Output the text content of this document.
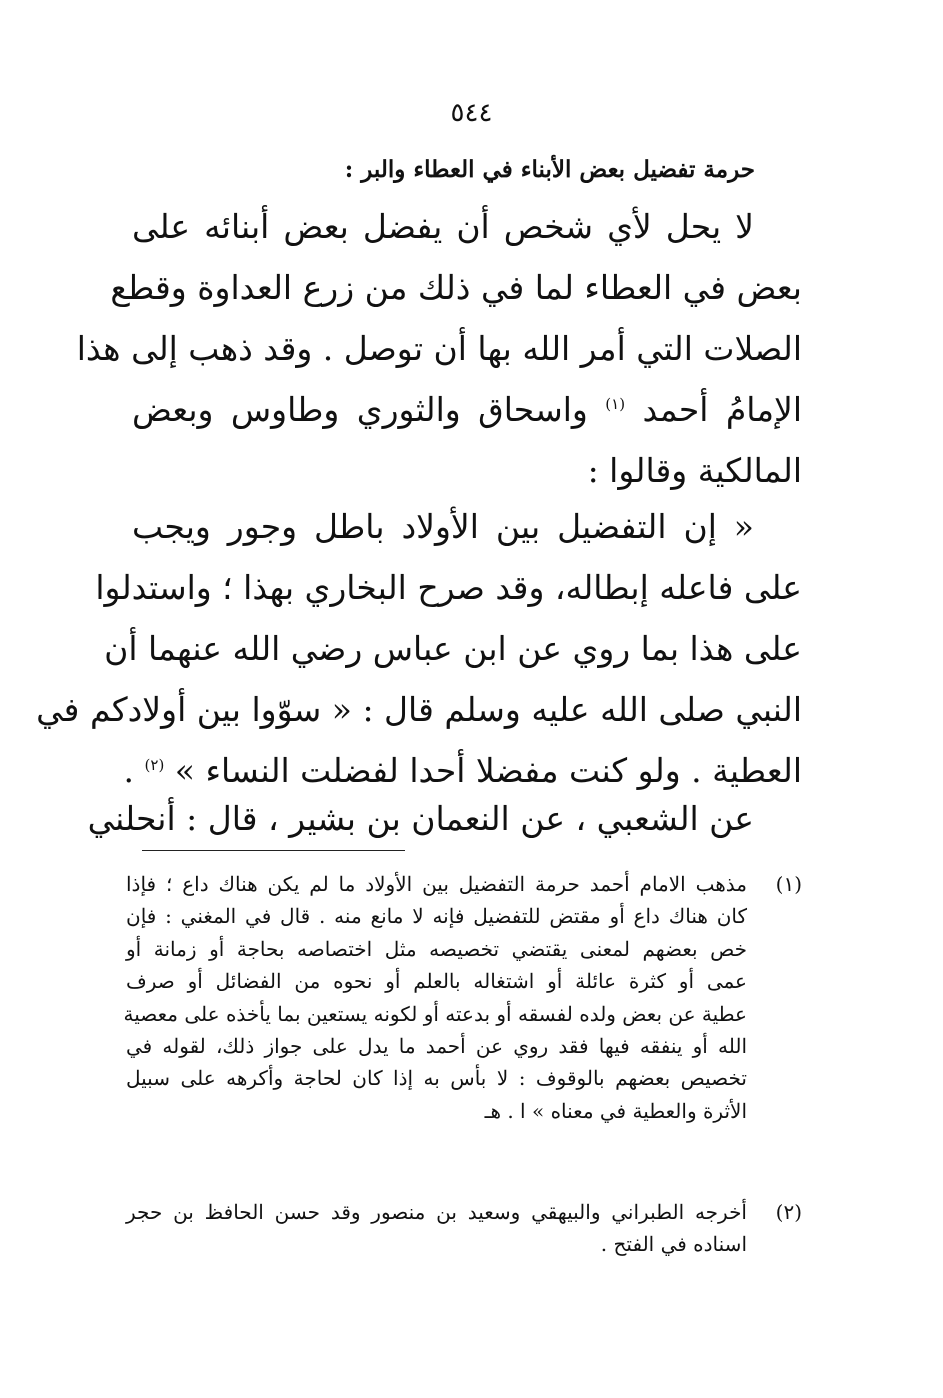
٥٤٤
حرمة تفضيل بعض الأبناء في العطاء والبر :
لا يحل لأي شخص أن يفضل بعض أبنائه على
بعض في العطاء لما في ذلك من زرع العداوة وقطع
الصلات التي أمر الله بها أن توصل . وقد ذهب إلى هذا
الإمامُ أحمد $^{(١)}$ واسحاق والثوري وطاوس وبعض
المالكية وقالوا :
« إن التفضيل بين الأولاد باطل وجور ويجب
على فاعله إبطاله، وقد صرح البخاري بهذا ؛ واستدلوا
على هذا بما روي عن ابن عباس رضي الله عنهما أن
النبي صلى الله عليه وسلم قال : « سوّوا بين أولادكم في
العطية . ولو كنت مفضلا أحدا لفضلت النساء » $^{(٢)}$ .
عن الشعبي ، عن النعمان بن بشير ، قال : أنحلني
(١)
مذهب الامام أحمد حرمة التفضيل بين الأولاد ما لم يكن هناك داع ؛ فإذا
كان هناك داع أو مقتض للتفضيل فإنه لا مانع منه . قال في المغني : فإن
خص بعضهم لمعنى يقتضي تخصيصه مثل اختصاصه بحاجة أو زمانة أو
عمى أو كثرة عائلة أو اشتغاله بالعلم أو نحوه من الفضائل أو صرف
عطية عن بعض ولده لفسقه أو بدعته أو لكونه يستعين بما يأخذه على معصية
الله أو ينفقه فيها فقد روي عن أحمد ما يدل على جواز ذلك، لقوله في
تخصيص بعضهم بالوقوف : لا بأس به إذا كان لحاجة وأكرهه على سبيل
الأثرة والعطية في معناه » ا . هـ
(٢)
أخرجه الطبراني والبيهقي وسعيد بن منصور وقد حسن الحافظ بن حجر
اسناده في الفتح .
